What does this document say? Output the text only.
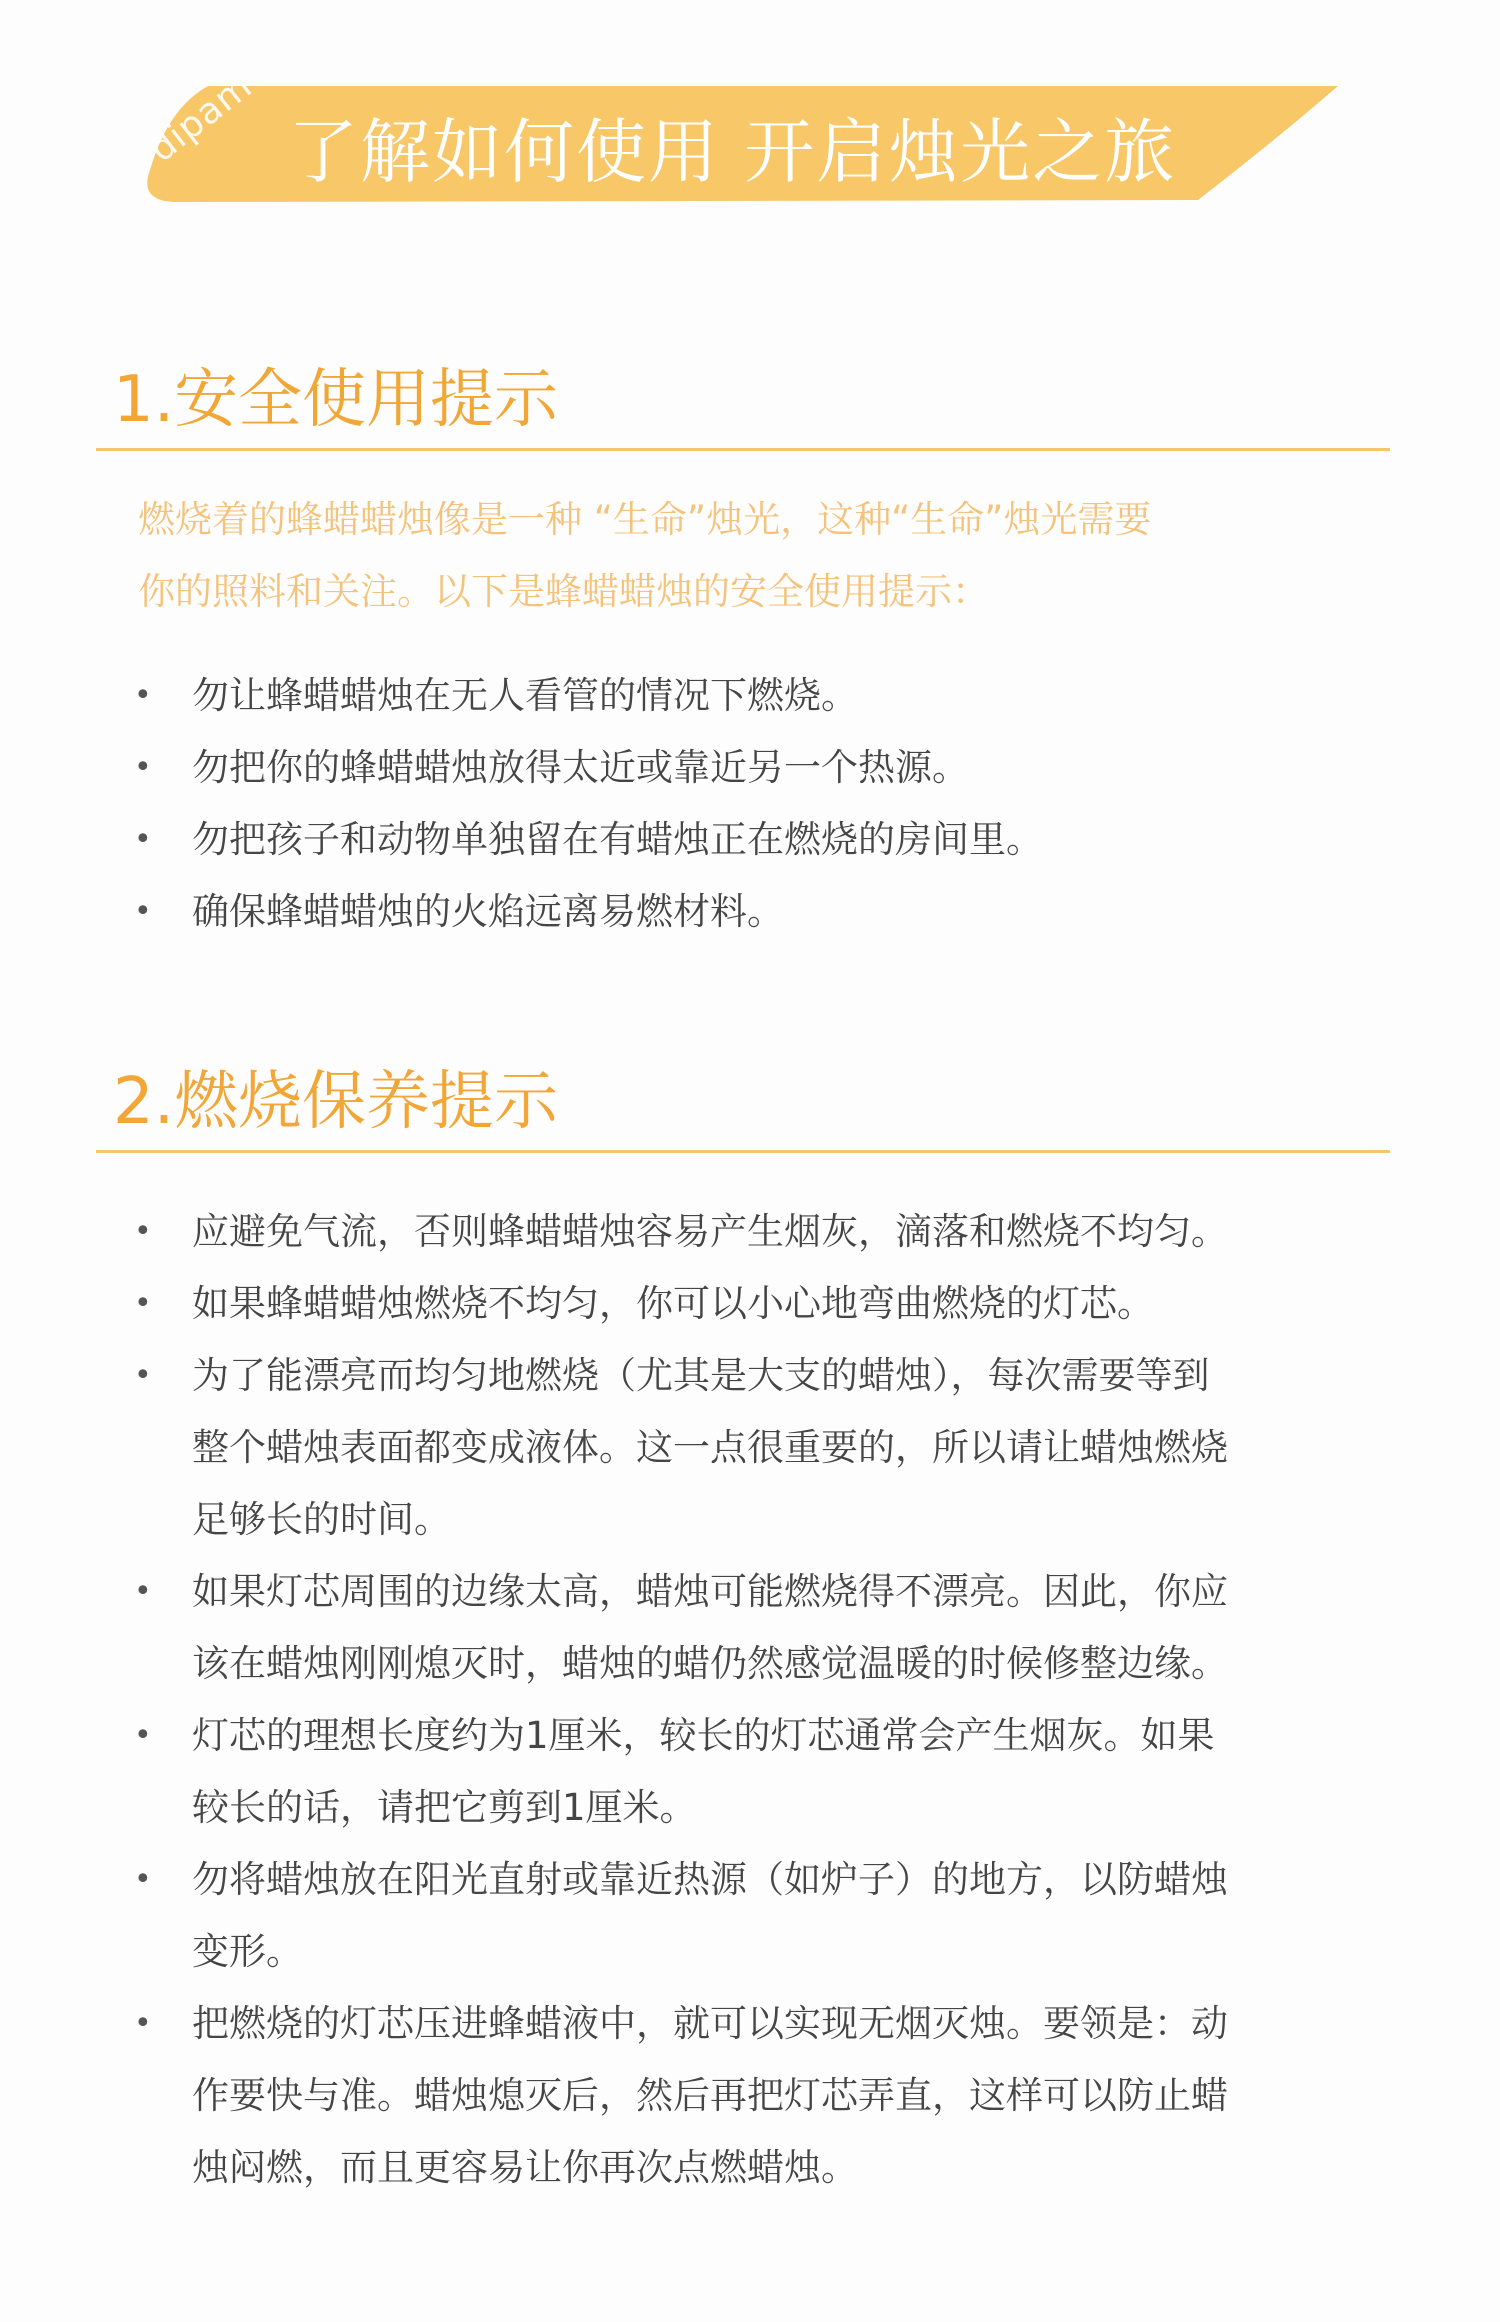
dipam 了解如何使用 开启烛光之旅
1.安全使用提示
燃烧着的蜂蜡蜡烛像是一种 “生命”烛光，这种“生命”烛光需要
你的照料和关注。以下是蜂蜡蜡烛的安全使用提示：
• 勿让蜂蜡蜡烛在无人看管的情况下燃烧。
• 勿把你的蜂蜡蜡烛放得太近或靠近另一个热源。
• 勿把孩子和动物单独留在有蜡烛正在燃烧的房间里。
• 确保蜂蜡蜡烛的火焰远离易燃材料。
2.燃烧保养提示
• 应避免气流，否则蜂蜡蜡烛容易产生烟灰，滴落和燃烧不均匀。
• 如果蜂蜡蜡烛燃烧不均匀，你可以小心地弯曲燃烧的灯芯。
• 为了能漂亮而均匀地燃烧（尤其是大支的蜡烛），每次需要等到
整个蜡烛表面都变成液体。这一点很重要的，所以请让蜡烛燃烧
足够长的时间。
• 如果灯芯周围的边缘太高，蜡烛可能燃烧得不漂亮。因此，你应
该在蜡烛刚刚熄灭时，蜡烛的蜡仍然感觉温暖的时候修整边缘。
• 灯芯的理想长度约为1厘米，较长的灯芯通常会产生烟灰。如果
较长的话，请把它剪到1厘米。
• 勿将蜡烛放在阳光直射或靠近热源（如炉子）的地方，以防蜡烛
变形。
• 把燃烧的灯芯压进蜂蜡液中，就可以实现无烟灭烛。要领是：动
作要快与准。蜡烛熄灭后，然后再把灯芯弄直，这样可以防止蜡
烛闷燃，而且更容易让你再次点燃蜡烛。
